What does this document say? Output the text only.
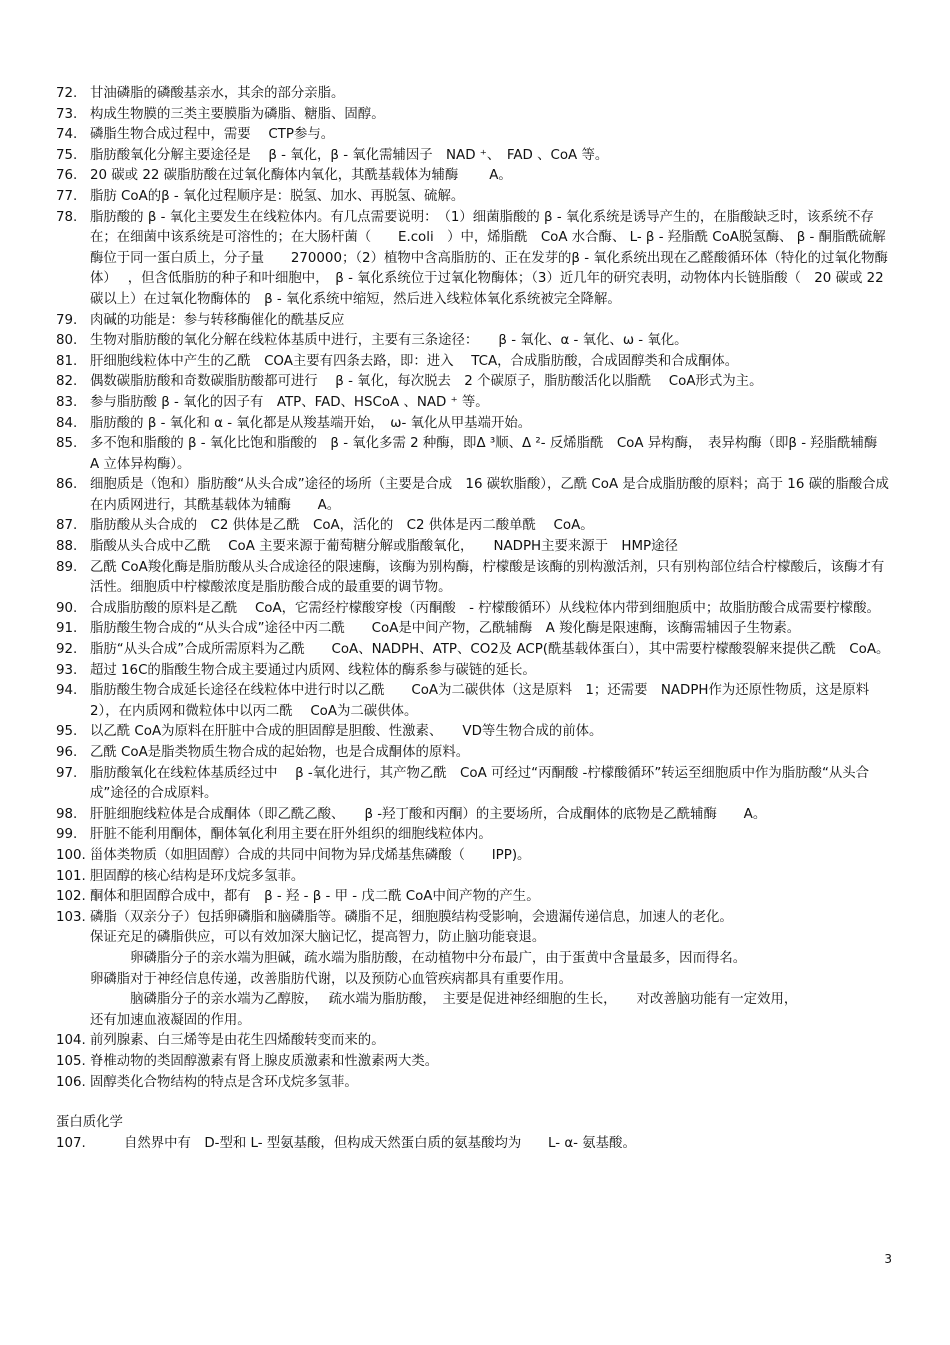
72. 甘油磷脂的磷酸基亲水，其余的部分亲脂。
73. 构成生物膜的三类主要膜脂为磷脂、糖脂、固醇。
74. 磷脂生物合成过程中，需要　 CTP参与。
75. 脂肪酸氧化分解主要途径是　 β - 氧化，β - 氧化需辅因子　NAD ⁺、　FAD 、CoA 等。
76. 20 碳或 22 碳脂肪酸在过氧化酶体内氧化，其酰基载体为辅酶　　 A。
77. 脂肪 CoA的β - 氧化过程顺序是：脱氢、加水、再脱氢、硫解。
78. 脂肪酸的 β - 氧化主要发生在线粒体内。有几点需要说明：　（1）细菌脂酸的 β - 氧化系统是诱导产生的，在脂酸缺乏时，该系统不存在；在细菌中该系统是可溶性的；在大肠杆菌（　　E.coli　）中，烯脂酰　CoA 水合酶、 L- β - 羟脂酰 CoA脱氢酶、 β - 酮脂酰硫解酶位于同一蛋白质上，分子量　　270000；（2）植物中含高脂肪的、正在发芽的β - 氧化系统出现在乙醛酸循环体（特化的过氧化物酶体）　 ，但含低脂肪的种子和叶细胞中，　β - 氧化系统位于过氧化物酶体；（3）近几年的研究表明，动物体内长链脂酸（　20 碳或 22 碳以上）在过氧化物酶体的　β - 氧化系统中缩短，然后进入线粒体氧化系统被完全降解。
79. 肉碱的功能是：参与转移酶催化的酰基反应
80. 生物对脂肪酸的氧化分解在线粒体基质中进行，主要有三条途径：　　β - 氧化、α - 氧化、ω - 氧化。
81. 肝细胞线粒体中产生的乙酰　COA主要有四条去路，即：进入　 TCA，合成脂肪酸，合成固醇类和合成酮体。
82. 偶数碳脂肪酸和奇数碳脂肪酸都可进行　 β - 氧化，每次脱去　2 个碳原子，脂肪酸活化以脂酰　 CoA形式为主。
83. 参与脂肪酸 β - 氧化的因子有　ATP、FAD、HSCoA 、NAD ⁺ 等。
84. 脂肪酸的 β - 氧化和 α - 氧化都是从羧基端开始，　ω- 氧化从甲基端开始。
85. 多不饱和脂酸的 β - 氧化比饱和脂酸的　β - 氧化多需 2 种酶，即Δ ³顺、Δ ²- 反烯脂酰　CoA 异构酶，　表异构酶（即β - 羟脂酰辅酶　A 立体异构酶）。
86. 细胞质是（饱和）脂肪酸“从头合成”途径的场所（主要是合成　16 碳软脂酸），乙酰 CoA 是合成脂肪酸的原料；高于 16 碳的脂酸合成在内质网进行，其酰基载体为辅酶　　A。
87. 脂肪酸从头合成的　C2 供体是乙酰　CoA，活化的　C2 供体是丙二酸单酰　 CoA。
88. 脂酸从头合成中乙酰　 CoA 主要来源于葡萄糖分解或脂酸氧化，　　NADPH主要来源于　HMP途径
89. 乙酰 CoA羧化酶是脂肪酸从头合成途径的限速酶，该酶为别构酶，柠檬酸是该酶的别构激活剂，只有别构部位结合柠檬酸后，该酶才有活性。细胞质中柠檬酸浓度是脂肪酸合成的最重要的调节物。
90. 合成脂肪酸的原料是乙酰　 CoA，它需经柠檬酸穿梭（丙酮酸　- 柠檬酸循环）从线粒体内带到细胞质中；故脂肪酸合成需要柠檬酸。
91. 脂肪酸生物合成的“从头合成”途径中丙二酰　　CoA是中间产物，乙酰辅酶　A 羧化酶是限速酶，该酶需辅因子生物素。
92. 脂肪“从头合成”合成所需原料为乙酰　　CoA、NADPH、ATP、CO2及 ACP(酰基载体蛋白），其中需要柠檬酸裂解来提供乙酰　CoA。
93. 超过 16C的脂酸生物合成主要通过内质网、线粒体的酶系参与碳链的延长。
94. 脂肪酸生物合成延长途径在线粒体中进行时以乙酰　　CoA为二碳供体（这是原料　1；还需要　NADPH作为还原性物质，这是原料　2），在内质网和微粒体中以丙二酰　 CoA为二碳供体。
95. 以乙酰 CoA为原料在肝脏中合成的胆固醇是胆酸、性激素、　　VD等生物合成的前体。
96. 乙酰 CoA是脂类物质生物合成的起始物，也是合成酮体的原料。
97. 脂肪酸氧化在线粒体基质经过中　 β -氧化进行，其产物乙酰　CoA 可经过“丙酮酸 -柠檬酸循环”转运至细胞质中作为脂肪酸“从头合成”途径的合成原料。
98. 肝脏细胞线粒体是合成酮体（即乙酰乙酸、　　β -羟丁酸和丙酮）的主要场所，合成酮体的底物是乙酰辅酶　　A。
99. 肝脏不能利用酮体，酮体氧化利用主要在肝外组织的细胞线粒体内。
100. 甾体类物质（如胆固醇）合成的共同中间物为异戊烯基焦磷酸（　　IPP)。
101. 胆固醇的核心结构是环戊烷多氢菲。
102. 酮体和胆固醇合成中，都有　β - 羟 - β - 甲 - 戊二酰 CoA中间产物的产生。
103. 磷脂（双亲分子）包括卵磷脂和脑磷脂等。磷脂不足，细胞膜结构受影响，会遗漏传递信息，加速人的老化。
保证充足的磷脂供应，可以有效加深大脑记忆，提高智力，防止脑功能衰退。
　　　卵磷脂分子的亲水端为胆碱，疏水端为脂肪酸，在动植物中分布最广，由于蛋黄中含量最多，因而得名。
卵磷脂对于神经信息传递，改善脂肪代谢，以及预防心血管疾病都具有重要作用。
　　　脑磷脂分子的亲水端为乙醇胺，　 疏水端为脂肪酸，　主要是促进神经细胞的生长，　　对改善脑功能有一定效用，
还有加速血液凝固的作用。
104. 前列腺素、白三烯等是由花生四烯酸转变而来的。
105. 脊椎动物的类固醇激素有肾上腺皮质激素和性激素两大类。
106. 固醇类化合物结构的特点是含环戊烷多氢菲。
蛋白质化学
107.	自然界中有　D-型和 L- 型氨基酸，但构成天然蛋白质的氨基酸均为　　L- α- 氨基酸。
3
